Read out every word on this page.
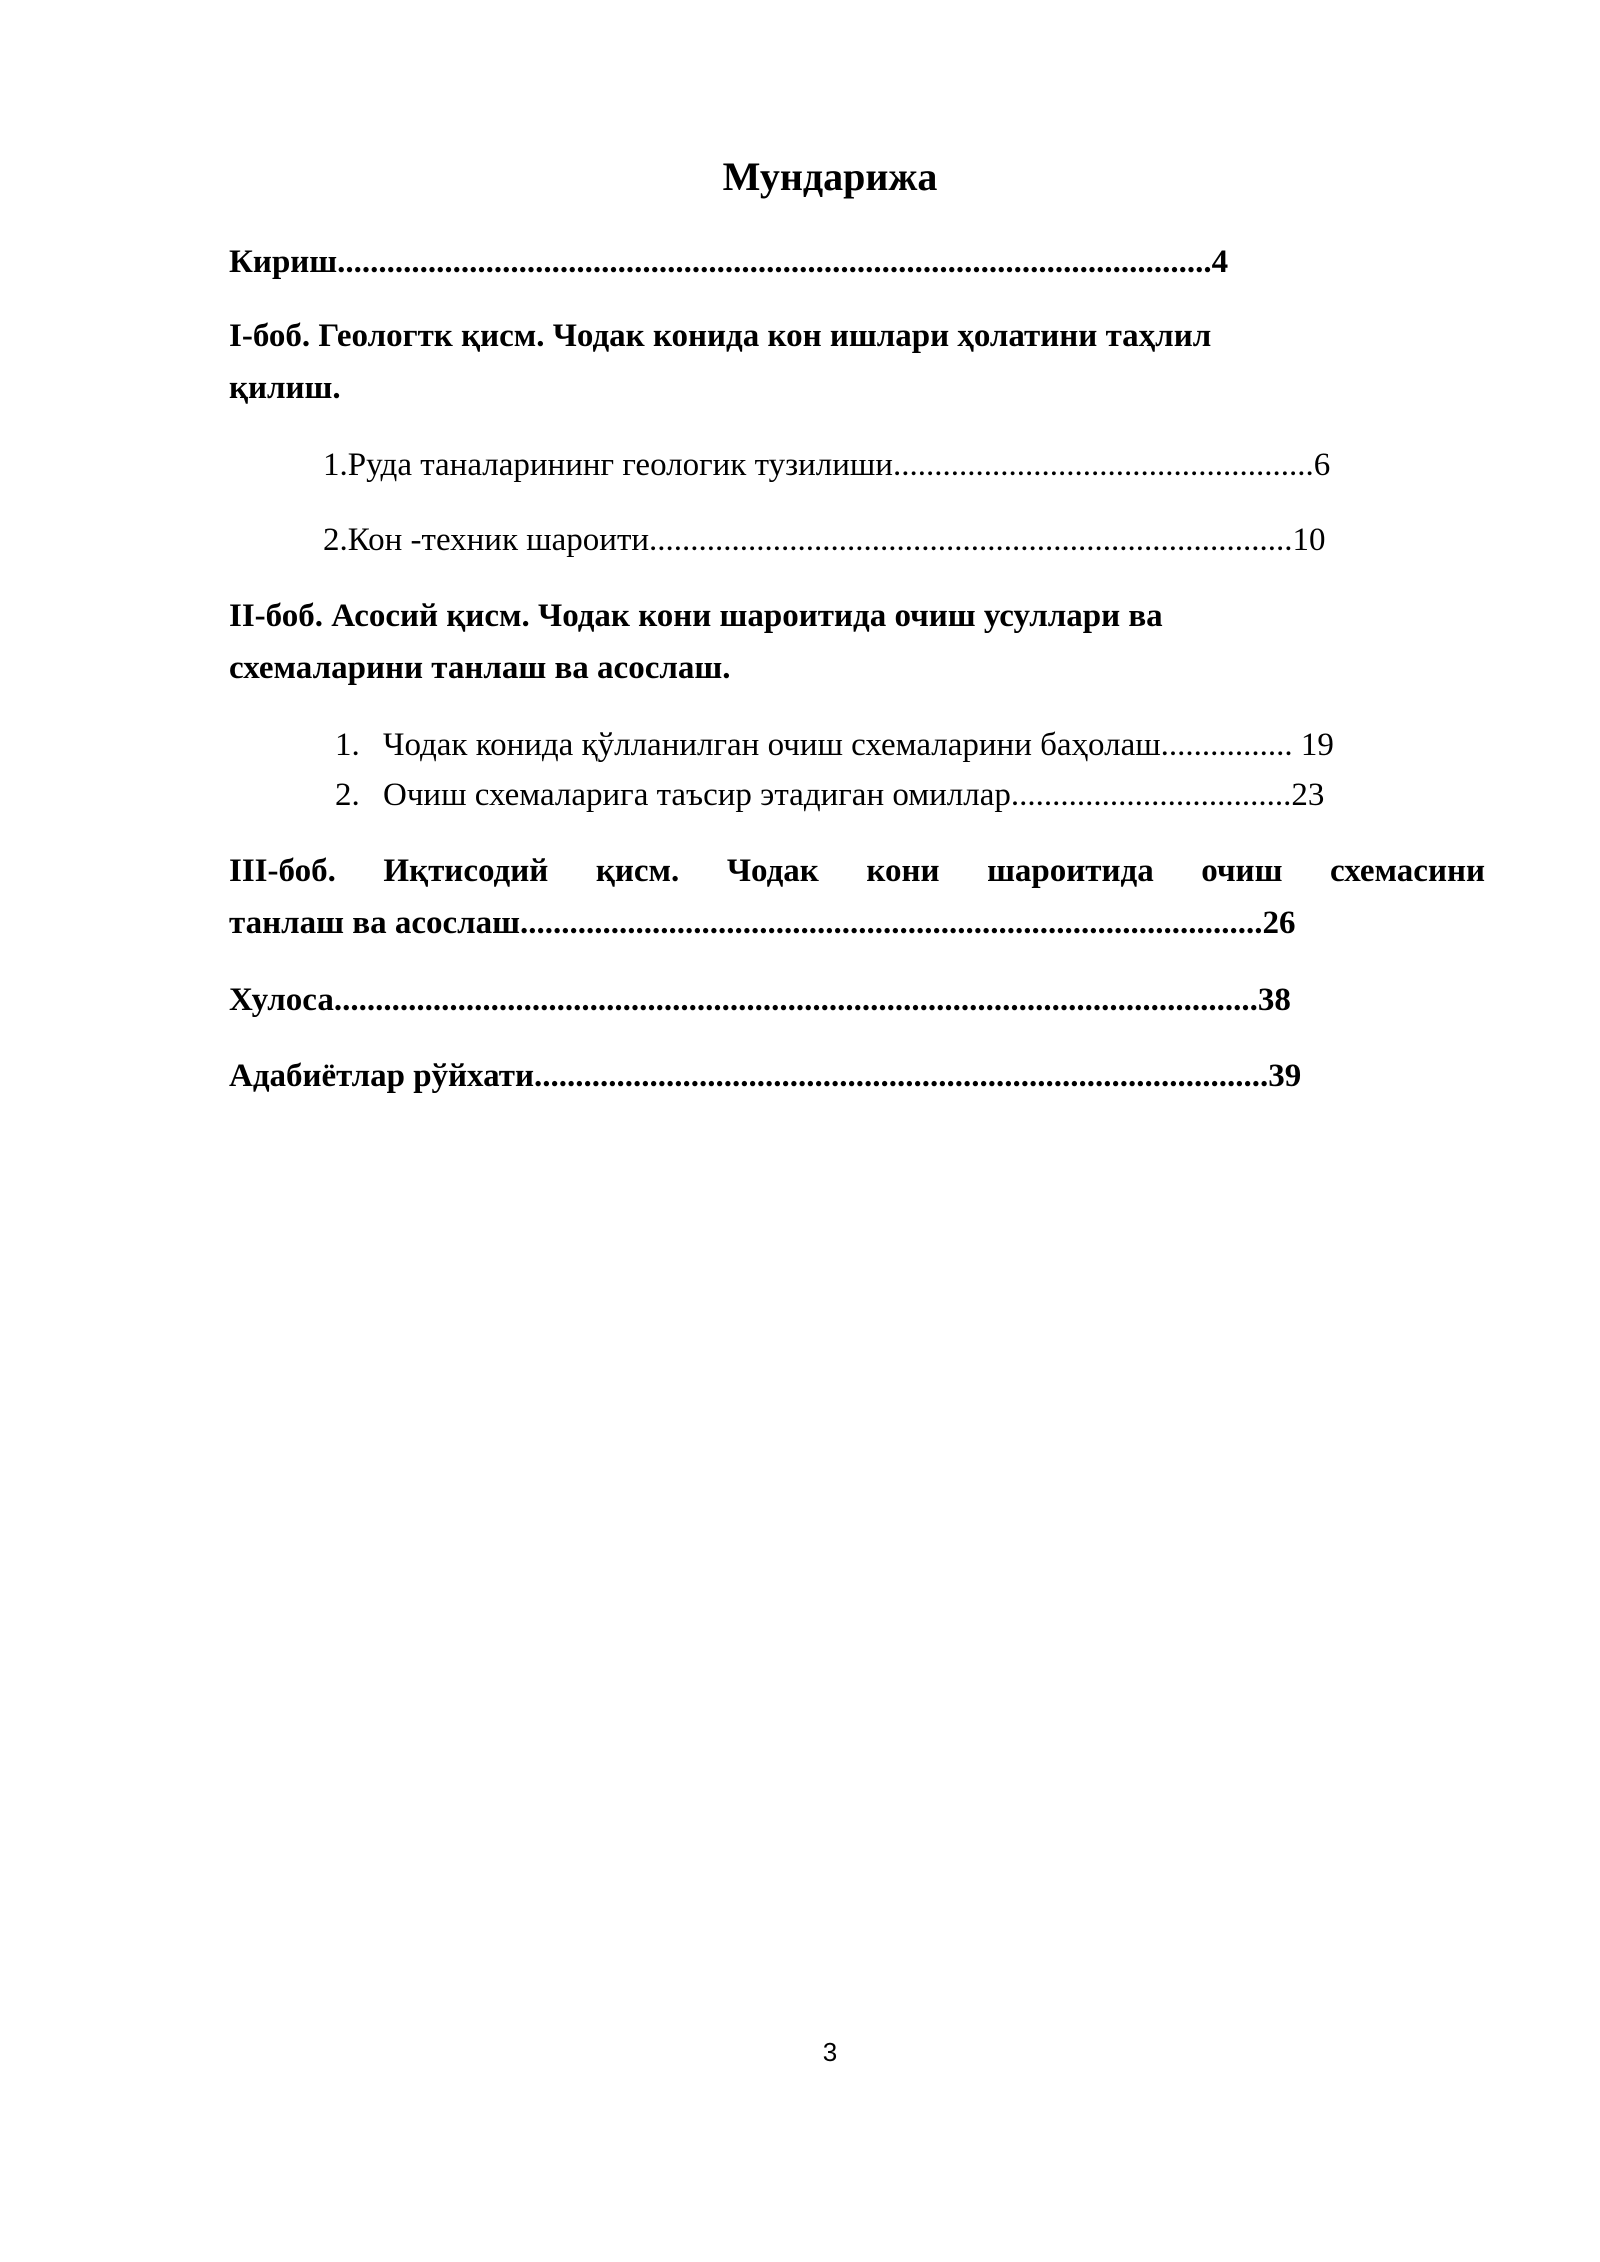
Мундарижа
Кириш..........................................................................................................4
I-боб. Геологтк қисм. Чодак конида кон ишлари ҳолатини таҳлил
қилиш.
1.Руда таналарининг геологик тузилиши...................................................6
2.Кон -техник шароити..............................................................................10
II-боб. Асосий қисм. Чодак кони шароитида очиш усуллари ва
схемаларини танлаш ва асослаш.
1. Чодак конида қўлланилган очиш схемаларини баҳолаш................ 19
2. Очиш схемаларига таъсир этадиган омиллар..................................23
III-боб. Иқтисодий қисм. Чодак кони шароитида очиш схемасини
танлаш ва асослаш..........................................................................................26
Хулоса................................................................................................................38
Адабиётлар рўйхати.........................................................................................39
3
